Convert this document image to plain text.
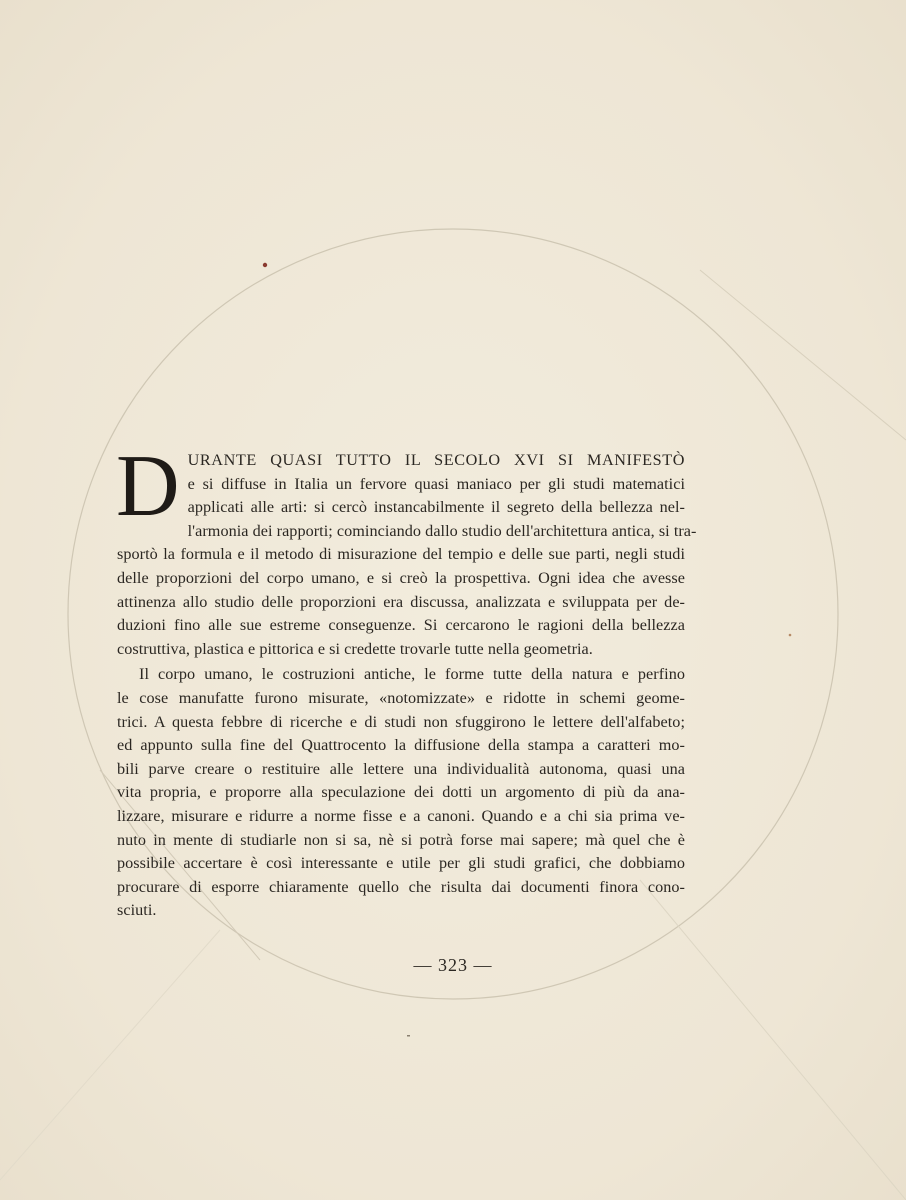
D URANTE QUASI TUTTO IL SECOLO XVI SI MANIFESTÒ
e si diffuse in Italia un fervore quasi maniaco per gli studi matematici
applicati alle arti: si cercò instancabilmente il segreto della bellezza nel-
l'armonia dei rapporti; cominciando dallo studio dell'architettura antica, si tra-
sportò la formula e il metodo di misurazione del tempio e delle sue parti, negli studi
delle proporzioni del corpo umano, e si creò la prospettiva. Ogni idea che avesse
attinenza allo studio delle proporzioni era discussa, analizzata e sviluppata per de-
duzioni fino alle sue estreme conseguenze. Si cercarono le ragioni della bellezza
costruttiva, plastica e pittorica e si credette trovarle tutte nella geometria.
Il corpo umano, le costruzioni antiche, le forme tutte della natura e perfino
le cose manufatte furono misurate, «notomizzate» e ridotte in schemi geome-
trici. A questa febbre di ricerche e di studi non sfuggirono le lettere dell'alfabeto;
ed appunto sulla fine del Quattrocento la diffusione della stampa a caratteri mo-
bili parve creare o restituire alle lettere una individualità autonoma, quasi una
vita propria, e proporre alla speculazione dei dotti un argomento di più da ana-
lizzare, misurare e ridurre a norme fisse e a canoni. Quando e a chi sia prima ve-
nuto in mente di studiarle non si sa, nè si potrà forse mai sapere; mà quel che è
possibile accertare è così interessante e utile per gli studi grafici, che dobbiamo
procurare di esporre chiaramente quello che risulta dai documenti finora cono-
sciuti.
— 323 —
